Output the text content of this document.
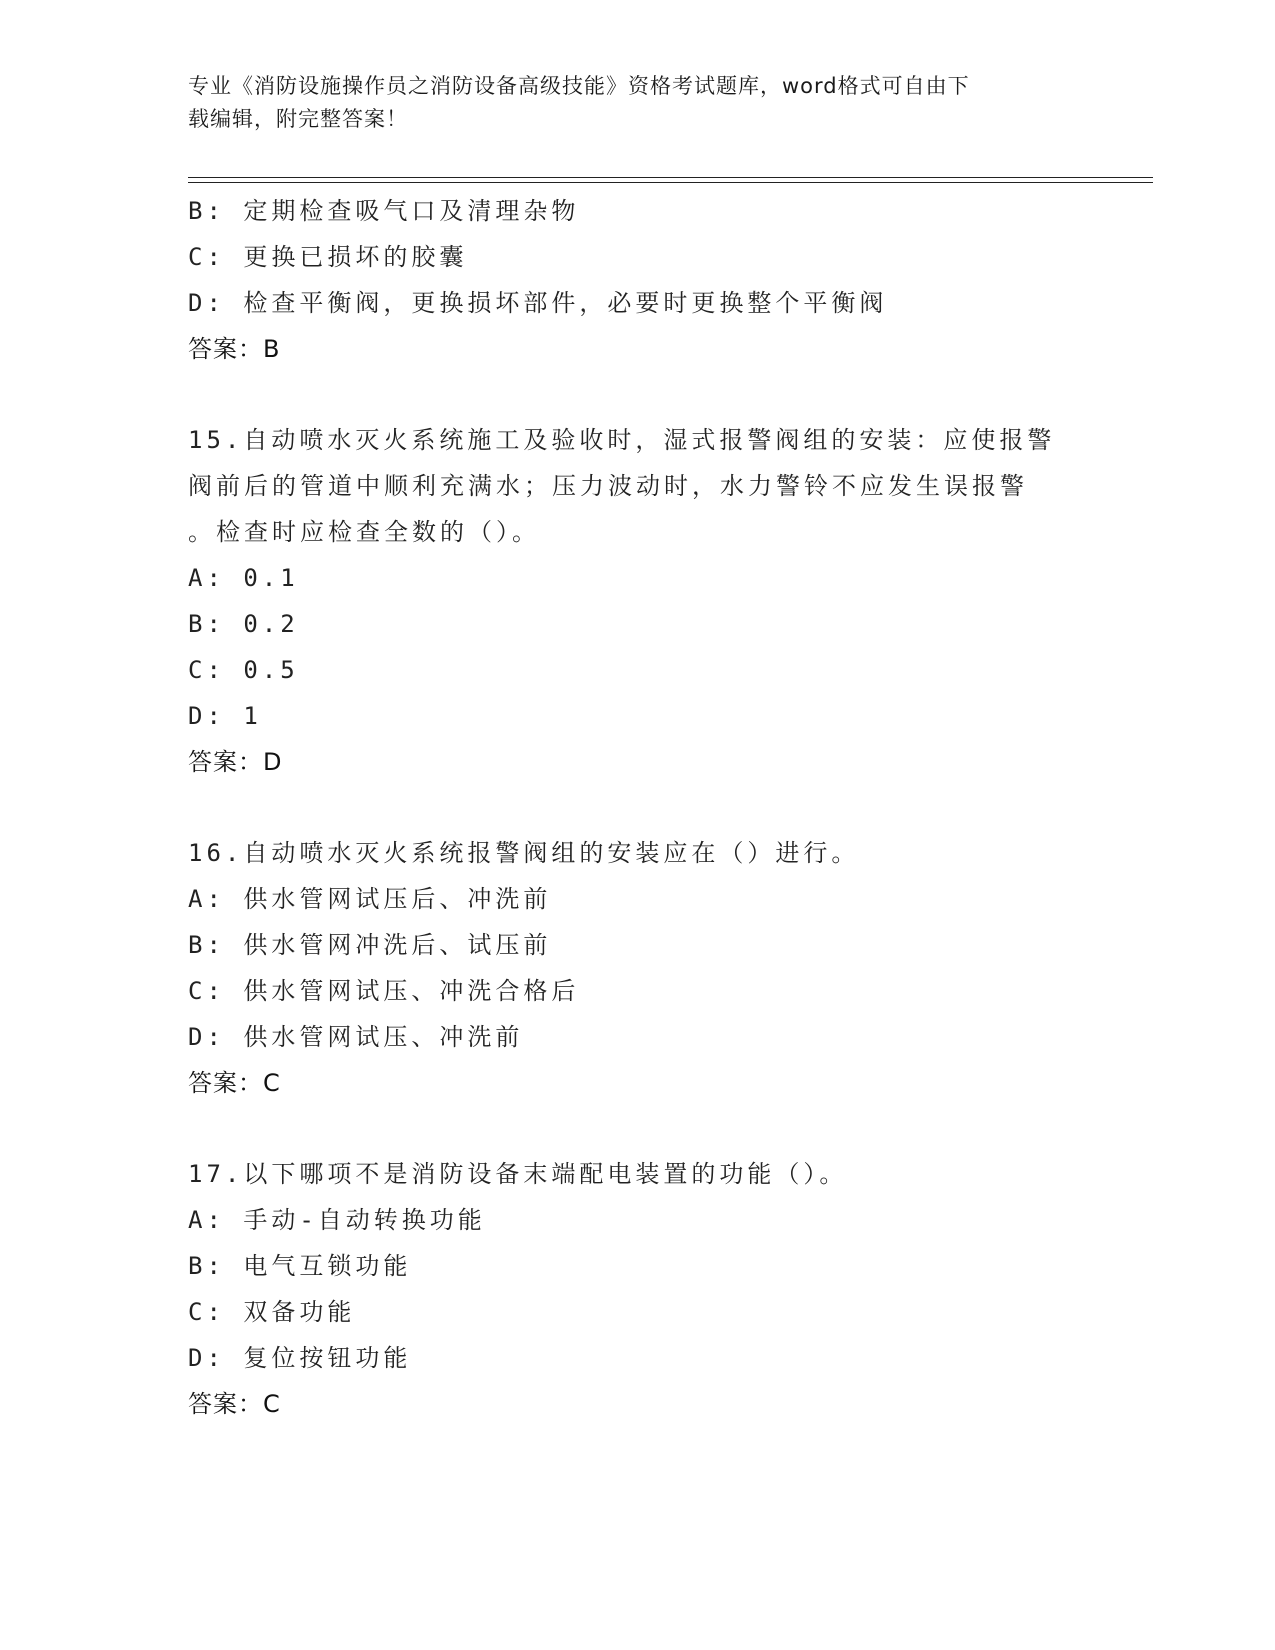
专业《消防设施操作员之消防设备高级技能》资格考试题库，word格式可自由下
载编辑，附完整答案！
B: 定期检查吸气口及清理杂物
C: 更换已损坏的胶囊
D: 检查平衡阀，更换损坏部件，必要时更换整个平衡阀
答案：B
15.自动喷水灭火系统施工及验收时，湿式报警阀组的安装：应使报警
阀前后的管道中顺利充满水；压力波动时，水力警铃不应发生误报警
。检查时应检查全数的（）。
A: 0.1
B: 0.2
C: 0.5
D: 1
答案：D
16.自动喷水灭火系统报警阀组的安装应在（）进行。
A: 供水管网试压后、冲洗前
B: 供水管网冲洗后、试压前
C: 供水管网试压、冲洗合格后
D: 供水管网试压、冲洗前
答案：C
17.以下哪项不是消防设备末端配电装置的功能（）。
A: 手动-自动转换功能
B: 电气互锁功能
C: 双备功能
D: 复位按钮功能
答案：C
